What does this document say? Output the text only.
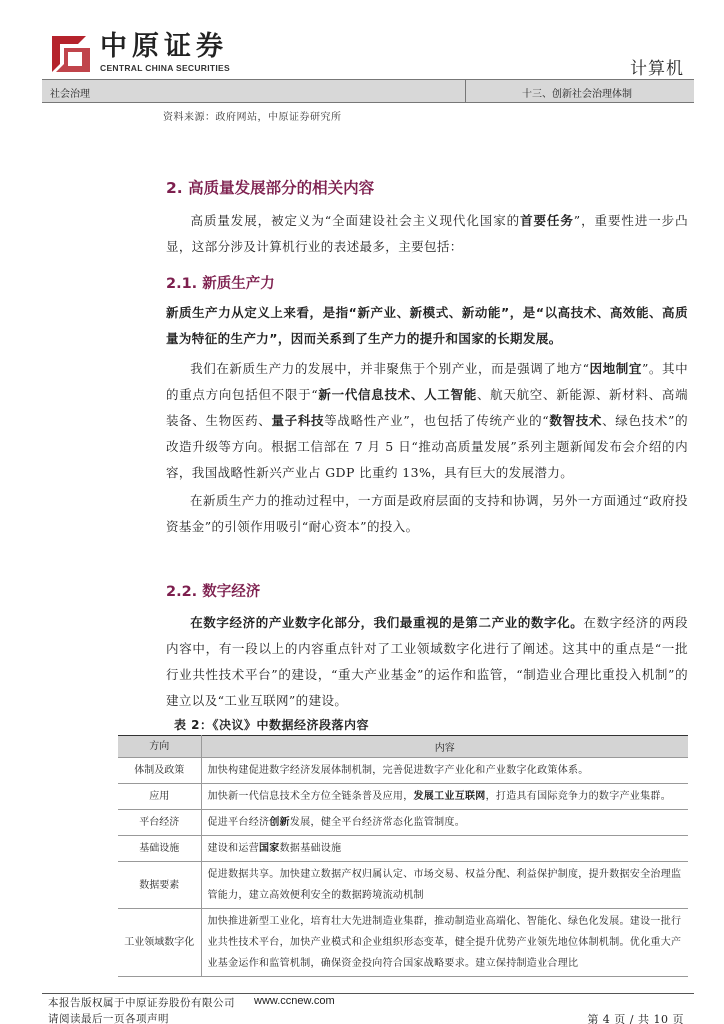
中原证券
CENTRAL CHINA SECURITIES	计算机
社会治理	十三、创新社会治理体制
资料来源：政府网站，中原证券研究所
2. 高质量发展部分的相关内容
高质量发展，被定义为“全面建设社会主义现代化国家的首要任务”，重要性进一步凸显，这部分涉及计算机行业的表述最多，主要包括：
2.1. 新质生产力
新质生产力从定义上来看，是指“新产业、新模式、新动能”，是“以高技术、高效能、高质量为特征的生产力”，因而关系到了生产力的提升和国家的长期发展。
我们在新质生产力的发展中，并非聚焦于个别产业，而是强调了地方“因地制宜”。其中的重点方向包括但不限于“新一代信息技术、人工智能、航天航空、新能源、新材料、高端装备、生物医药、量子科技等战略性产业”，也包括了传统产业的“数智技术、绿色技术”的改造升级等方向。根据工信部在 7 月 5 日“推动高质量发展”系列主题新闻发布会介绍的内容，我国战略性新兴产业占 GDP 比重约 13%，具有巨大的发展潜力。
在新质生产力的推动过程中，一方面是政府层面的支持和协调，另外一方面通过“政府投资基金”的引领作用吸引“耐心资本”的投入。
2.2. 数字经济
在数字经济的产业数字化部分，我们最重视的是第二产业的数字化。在数字经济的两段内容中，有一段以上的内容重点针对了工业领域数字化进行了阐述。这其中的重点是“一批行业共性技术平台”的建设，“重大产业基金”的运作和监管，“制造业合理比重投入机制”的建立以及“工业互联网”的建设。
表 2：《决议》中数据经济段落内容
方向	内容
体制及政策	加快构建促进数字经济发展体制机制，完善促进数字产业化和产业数字化政策体系。
应用	加快新一代信息技术全方位全链条普及应用，发展工业互联网，打造具有国际竞争力的数字产业集群。
平台经济	促进平台经济创新发展，健全平台经济常态化监管制度。
基础设施	建设和运营国家数据基础设施
数据要素	促进数据共享。加快建立数据产权归属认定、市场交易、权益分配、利益保护制度，提升数据安全治理监管能力，建立高效便利安全的数据跨境流动机制
工业领域数字化	加快推进新型工业化，培育壮大先进制造业集群，推动制造业高端化、智能化、绿色化发展。建设一批行业共性技术平台，加快产业模式和企业组织形态变革，健全提升优势产业领先地位体制机制。优化重大产业基金运作和监管机制，确保资金投向符合国家战略要求。建立保持制造业合理比
本报告版权属于中原证券股份有限公司 www.ccnew.com
请阅读最后一页各项声明	第 4 页 / 共 10 页
